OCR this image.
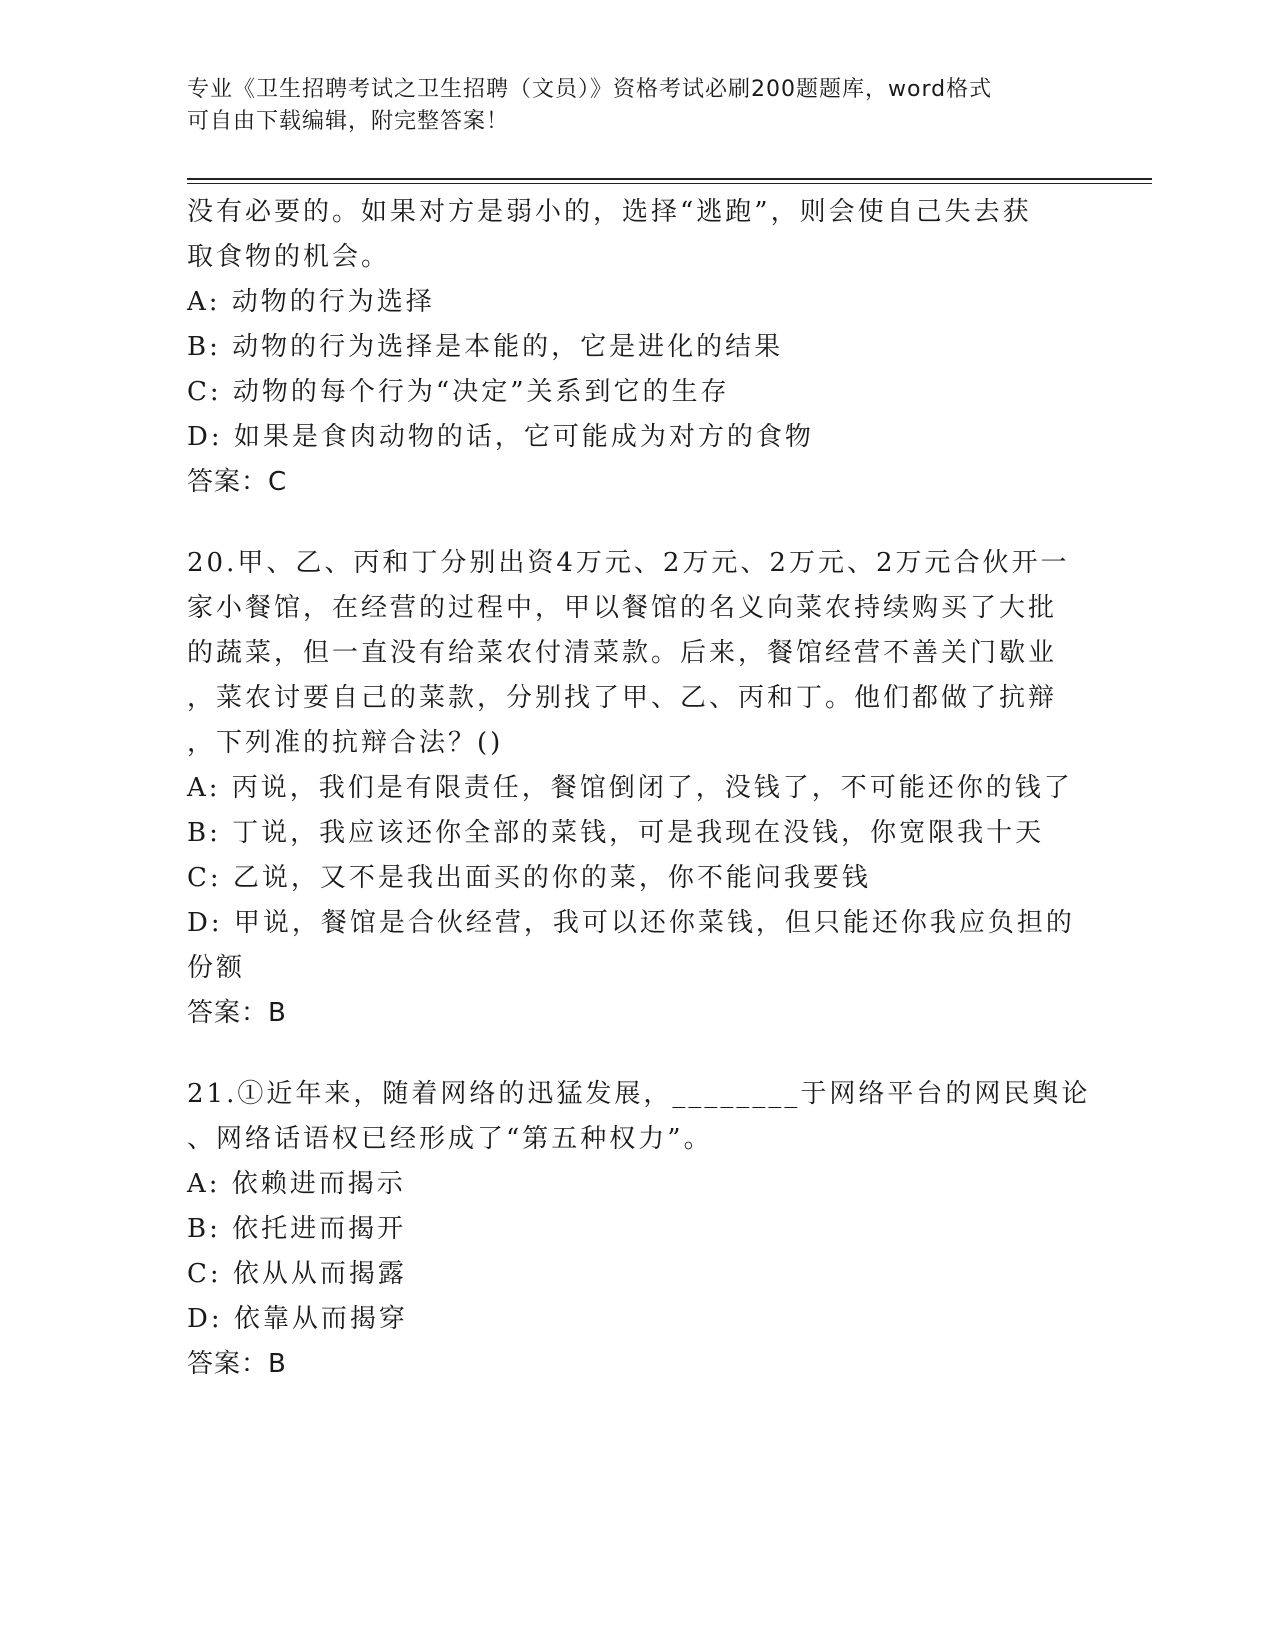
专业《卫生招聘考试之卫生招聘（文员）》资格考试必刷200题题库，word格式
可自由下载编辑，附完整答案！
没有必要的。如果对方是弱小的，选择“逃跑”，则会使自己失去获
取食物的机会。
A: 动物的行为选择
B: 动物的行为选择是本能的，它是进化的结果
C: 动物的每个行为“决定”关系到它的生存
D: 如果是食肉动物的话，它可能成为对方的食物
答案：C
20.甲、乙、丙和丁分别出资4万元、2万元、2万元、2万元合伙开一
家小餐馆，在经营的过程中，甲以餐馆的名义向菜农持续购买了大批
的蔬菜，但一直没有给菜农付清菜款。后来，餐馆经营不善关门歇业
，菜农讨要自己的菜款，分别找了甲、乙、丙和丁。他们都做了抗辩
，下列准的抗辩合法？()
A: 丙说，我们是有限责任，餐馆倒闭了，没钱了，不可能还你的钱了
B: 丁说，我应该还你全部的菜钱，可是我现在没钱，你宽限我十天
C: 乙说，又不是我出面买的你的菜，你不能问我要钱
D: 甲说，餐馆是合伙经营，我可以还你菜钱，但只能还你我应负担的
份额
答案：B
21.①近年来，随着网络的迅猛发展，________于网络平台的网民舆论
、网络话语权已经形成了“第五种权力”。
A: 依赖进而揭示
B: 依托进而揭开
C: 依从从而揭露
D: 依靠从而揭穿
答案：B
